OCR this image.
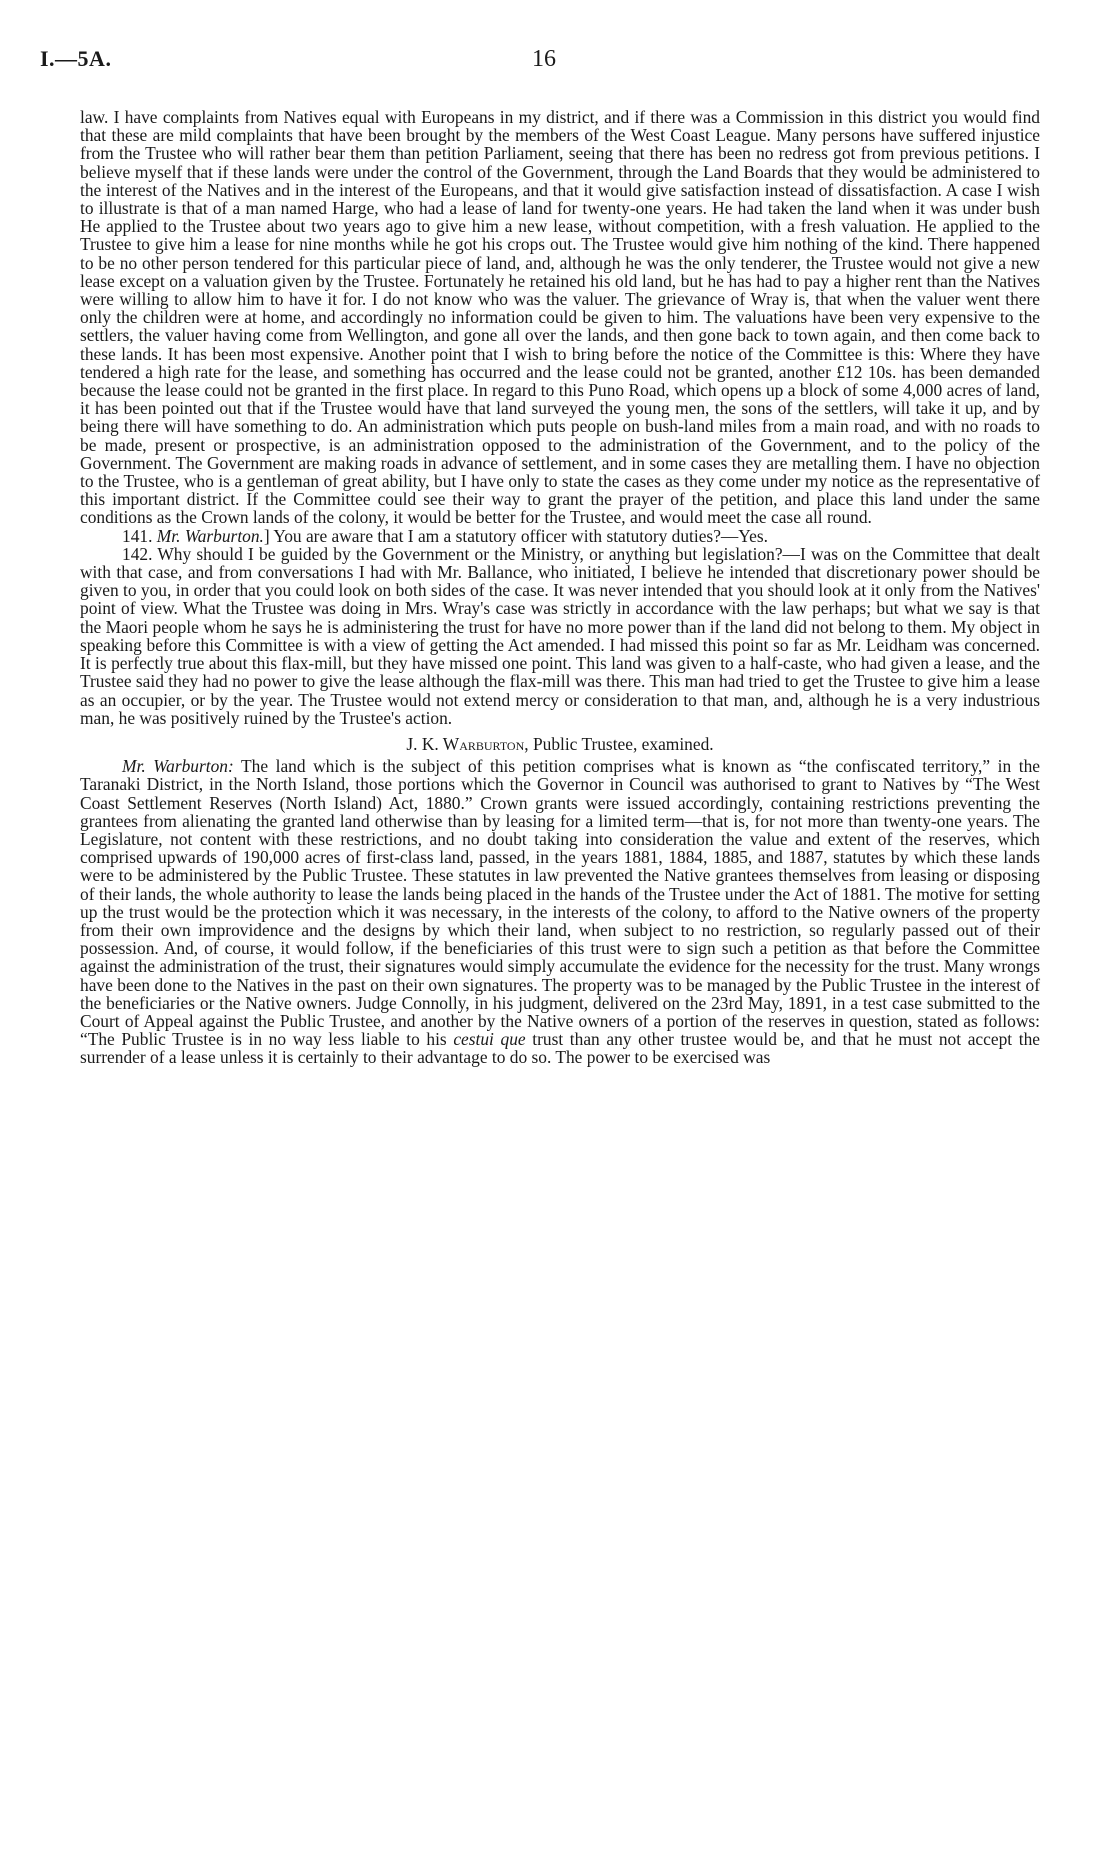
I.—5A.	16

law. I have complaints from Natives equal with Europeans in my district, and if there was a Commission in this district you would find that these are mild complaints that have been brought by the members of the West Coast League. Many persons have suffered injustice from the Trustee who will rather bear them than petition Parliament, seeing that there has been no redress got from previous petitions. I believe myself that if these lands were under the control of the Government, through the Land Boards that they would be administered to the interest of the Natives and in the interest of the Europeans, and that it would give satisfaction instead of dissatisfaction. A case I wish to illustrate is that of a man named Harge, who had a lease of land for twenty-one years. He had taken the land when it was under bush He applied to the Trustee about two years ago to give him a new lease, without competition, with a fresh valuation. He applied to the Trustee to give him a lease for nine months while he got his crops out. The Trustee would give him nothing of the kind. There happened to be no other person tendered for this particular piece of land, and, although he was the only tenderer, the Trustee would not give a new lease except on a valuation given by the Trustee. Fortunately he retained his old land, but he has had to pay a higher rent than the Natives were willing to allow him to have it for. I do not know who was the valuer. The grievance of Wray is, that when the valuer went there only the children were at home, and accordingly no information could be given to him. The valuations have been very expensive to the settlers, the valuer having come from Wellington, and gone all over the lands, and then gone back to town again, and then come back to these lands. It has been most expensive. Another point that I wish to bring before the notice of the Committee is this: Where they have tendered a high rate for the lease, and something has occurred and the lease could not be granted, another £12 10s. has been demanded because the lease could not be granted in the first place. In regard to this Puno Road, which opens up a block of some 4,000 acres of land, it has been pointed out that if the Trustee would have that land surveyed the young men, the sons of the settlers, will take it up, and by being there will have something to do. An administration which puts people on bush-land miles from a main road, and with no roads to be made, present or prospective, is an administration opposed to the administration of the Government, and to the policy of the Government. The Government are making roads in advance of settlement, and in some cases they are metalling them. I have no objection to the Trustee, who is a gentleman of great ability, but I have only to state the cases as they come under my notice as the representative of this important district. If the Committee could see their way to grant the prayer of the petition, and place this land under the same conditions as the Crown lands of the colony, it would be better for the Trustee, and would meet the case all round.

141. Mr. Warburton.] You are aware that I am a statutory officer with statutory duties?—Yes.

142. Why should I be guided by the Government or the Ministry, or anything but legislation?—I was on the Committee that dealt with that case, and from conversations I had with Mr. Ballance, who initiated, I believe he intended that discretionary power should be given to you, in order that you could look on both sides of the case. It was never intended that you should look at it only from the Natives' point of view. What the Trustee was doing in Mrs. Wray's case was strictly in accordance with the law perhaps; but what we say is that the Maori people whom he says he is administering the trust for have no more power than if the land did not belong to them. My object in speaking before this Committee is with a view of getting the Act amended. I had missed this point so far as Mr. Leidham was concerned. It is perfectly true about this flax-mill, but they have missed one point. This land was given to a half-caste, who had given a lease, and the Trustee said they had no power to give the lease although the flax-mill was there. This man had tried to get the Trustee to give him a lease as an occupier, or by the year. The Trustee would not extend mercy or consideration to that man, and, although he is a very industrious man, he was positively ruined by the Trustee's action.

J. K. Warburton, Public Trustee, examined.

Mr. Warburton: The land which is the subject of this petition comprises what is known as “the confiscated territory,” in the Taranaki District, in the North Island, those portions which the Governor in Council was authorised to grant to Natives by “The West Coast Settlement Reserves (North Island) Act, 1880.” Crown grants were issued accordingly, containing restrictions preventing the grantees from alienating the granted land otherwise than by leasing for a limited term—that is, for not more than twenty-one years. The Legislature, not content with these restrictions, and no doubt taking into consideration the value and extent of the reserves, which comprised upwards of 190,000 acres of first-class land, passed, in the years 1881, 1884, 1885, and 1887, statutes by which these lands were to be administered by the Public Trustee. These statutes in law prevented the Native grantees themselves from leasing or disposing of their lands, the whole authority to lease the lands being placed in the hands of the Trustee under the Act of 1881. The motive for setting up the trust would be the protection which it was necessary, in the interests of the colony, to afford to the Native owners of the property from their own improvidence and the designs by which their land, when subject to no restriction, so regularly passed out of their possession. And, of course, it would follow, if the beneficiaries of this trust were to sign such a petition as that before the Committee against the administration of the trust, their signatures would simply accumulate the evidence for the necessity for the trust. Many wrongs have been done to the Natives in the past on their own signatures. The property was to be managed by the Public Trustee in the interest of the beneficiaries or the Native owners. Judge Connolly, in his judgment, delivered on the 23rd May, 1891, in a test case submitted to the Court of Appeal against the Public Trustee, and another by the Native owners of a portion of the reserves in question, stated as follows: “The Public Trustee is in no way less liable to his cestui que trust than any other trustee would be, and that he must not accept the surrender of a lease unless it is certainly to their advantage to do so. The power to be exercised was
